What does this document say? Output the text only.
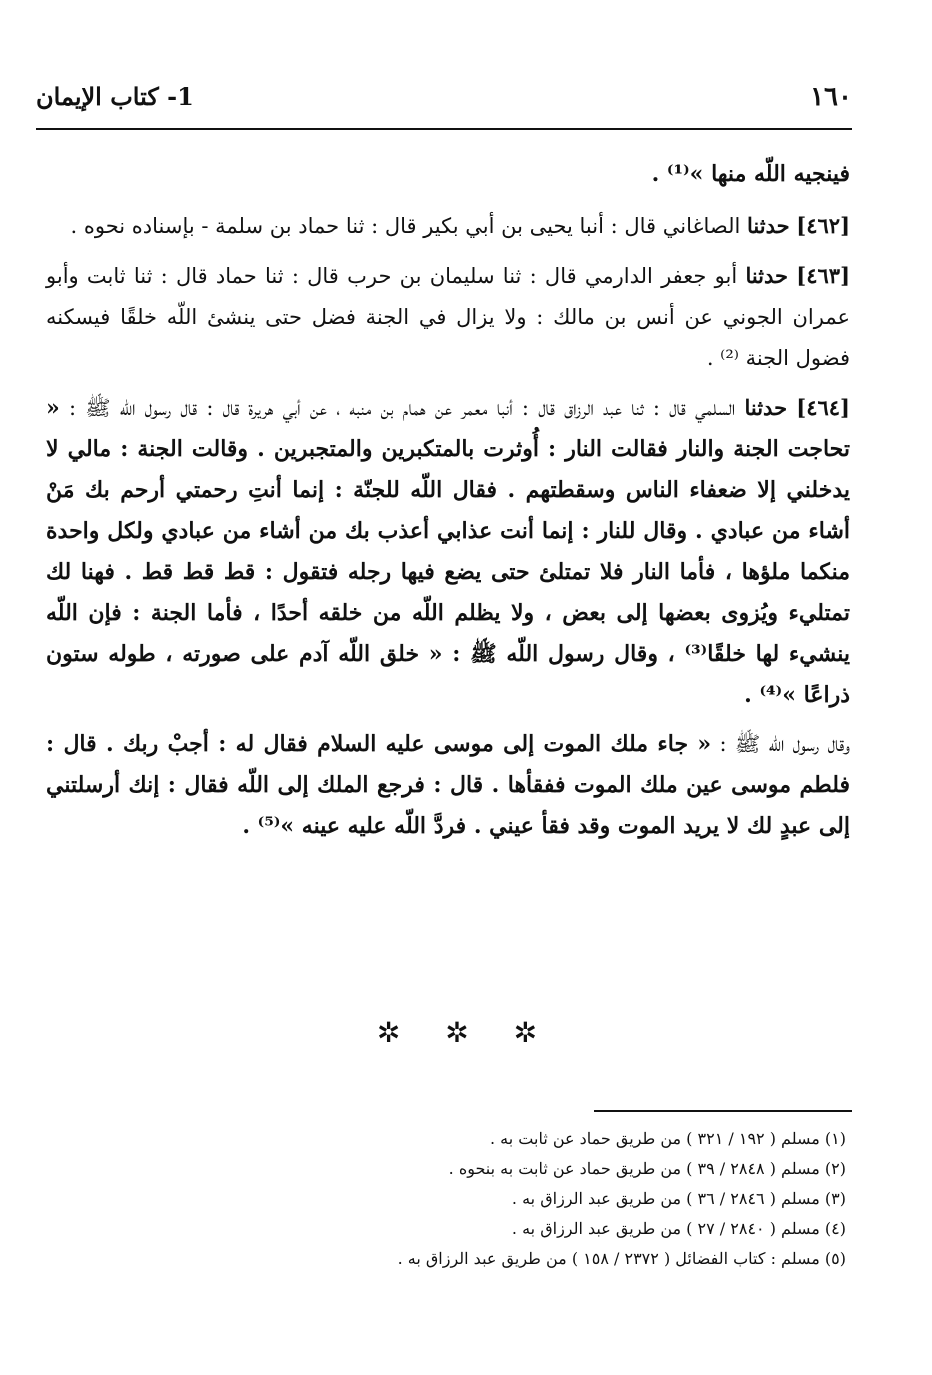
١٦٠
1- كتاب الإيمان

فينجيه اللّه منها »⁽¹⁾ .

[٤٦٢] حدثنا الصاغاني قال : أنبا يحيى بن أبي بكير قال : ثنا حماد بن سلمة - بإسناده نحوه .

[٤٦٣] حدثنا أبو جعفر الدارمي قال : ثنا سليمان بن حرب قال : ثنا حماد قال : ثنا ثابت وأبو عمران الجوني عن أنس بن مالك : ولا يزال في الجنة فضل حتى ينشئ اللّه خلقًا فيسكنه فضول الجنة ⁽²⁾ .

[٤٦٤] حدثنا السلمي قال : ثنا عبد الرزاق قال : أنبا معمر عن همام بن منبه ، عن أبي هريرة قال : قال رسول اللّه ﷺ : « تحاجت الجنة والنار فقالت النار : أُوثرت بالمتكبرين والمتجبرين . وقالت الجنة : مالي لا يدخلني إلا ضعفاء الناس وسقطتهم . فقال اللّه للجنّة : إنما أنتِ رحمتي أرحم بك مَنْ أشاء من عبادي . وقال للنار : إنما أنت عذابي أعذب بك من أشاء من عبادي ولكل واحدة منكما ملؤها ، فأما النار فلا تمتلئ حتى يضع فيها رجله فتقول : قط قط قط . فهنا لك تمتليء ويُزوى بعضها إلى بعض ، ولا يظلم اللّه من خلقه أحدًا ، فأما الجنة : فإن اللّه ينشيء لها خلقًا⁽³⁾ ، وقال رسول اللّه ﷺ : « خلق اللّه آدم على صورته ، طوله ستون ذراعًا »⁽⁴⁾ .

وقال رسول اللّه ﷺ : « جاء ملك الموت إلى موسى عليه السلام فقال له : أجبْ ربك . قال : فلطم موسى عين ملك الموت ففقأها . قال : فرجع الملك إلى اللّه فقال : إنك أرسلتني إلى عبدٍ لك لا يريد الموت وقد فقأ عيني . فردَّ اللّه عليه عينه »⁽⁵⁾ .

✲ ✲ ✲
(١) مسلم ( ١٩٢ / ٣٢١ ) من طريق حماد عن ثابت به .
(٢) مسلم ( ٢٨٤٨ / ٣٩ ) من طريق حماد عن ثابت به بنحوه .
(٣) مسلم ( ٢٨٤٦ / ٣٦ ) من طريق عبد الرزاق به .
(٤) مسلم ( ٢٨٤٠ / ٢٧ ) من طريق عبد الرزاق به .
(٥) مسلم : كتاب الفضائل ( ٢٣٧٢ / ١٥٨ ) من طريق عبد الرزاق به .
